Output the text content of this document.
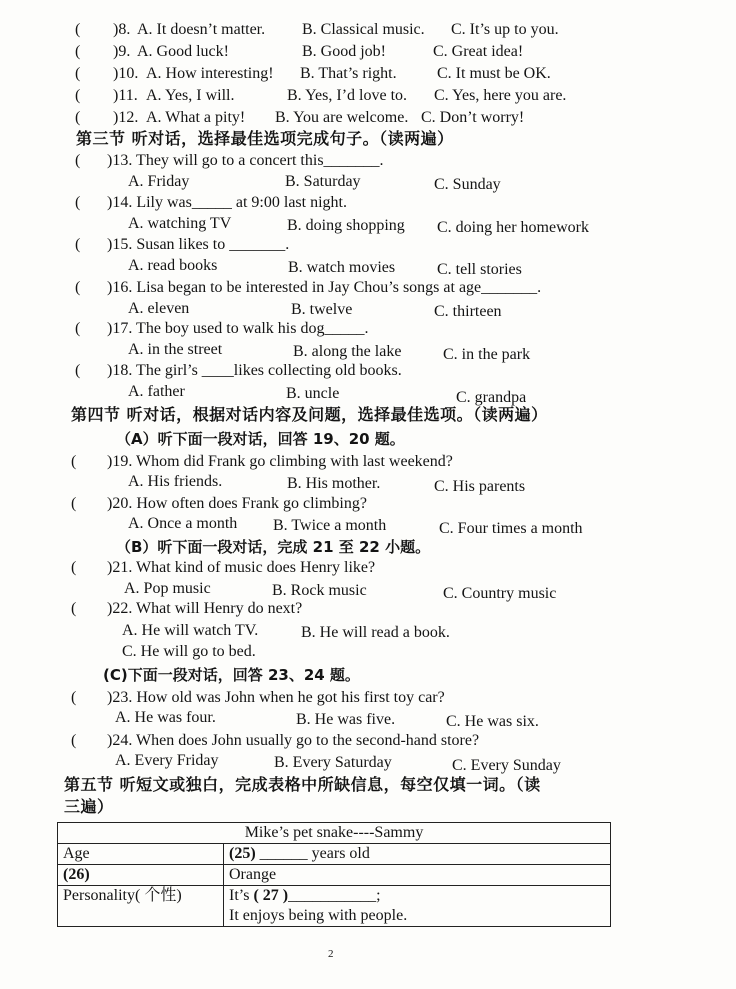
( )8. A. It doesn’t matter. B. Classical music. C. It’s up to you.
( )9. A. Good luck!	B. Good job!	C. Great idea!
( )10. A. How interesting! B. That’s right.	C. It must be OK.
( )11. A. Yes, I will.	B. Yes, I’d love to. C. Yes, here you are.
( )12. A. What a pity! B. You are welcome. C. Don’t worry!
第三节 听对话，选择最佳选项完成句子。（读两遍）
( )13. They will go to a concert this_______.
A. Friday	B. Saturday	C. Sunday
( )14. Lily was_____ at 9:00 last night.
A. watching TV	B. doing shopping C. doing her homework
( )15. Susan likes to _______.
A. read books	B. watch movies	C. tell stories
( )16. Lisa began to be interested in Jay Chou’s songs at age_______.
A. eleven	B. twelve	C. thirteen
( )17. The boy used to walk his dog_____.
A. in the street	B. along the lake	C. in the park
( )18. The girl’s ____likes collecting old books.
A. father	B. uncle	C. grandpa
第四节 听对话，根据对话内容及问题，选择最佳选项。（读两遍）
（A）听下面一段对话，回答 19、20 题。
( )19. Whom did Frank go climbing with last weekend?
A. His friends.	B. His mother.	C. His parents
( )20. How often does Frank go climbing?
A. Once a month B. Twice a month	C. Four times a month
（B）听下面一段对话，完成 21 至 22 小题。
( )21. What kind of music does Henry like?
A. Pop music	B. Rock music	C. Country music
( )22. What will Henry do next?
A. He will watch TV.	B. He will read a book.
C. He will go to bed.
(C)下面一段对话，回答 23、24 题。
( )23. How old was John when he got his first toy car?
A. He was four.	B. He was five.	C. He was six.
( )24. When does John usually go to the second-hand store?
A. Every Friday	B. Every Saturday	C. Every Sunday
第五节 听短文或独白，完成表格中所缺信息，每空仅填一词。（读
三遍）
Mike’s pet snake----Sammy	
Age	(25) ______ years old
(26)	Orange
Personality( 个性)	It’s ( 27 )___________;
It enjoys being with people.
2
